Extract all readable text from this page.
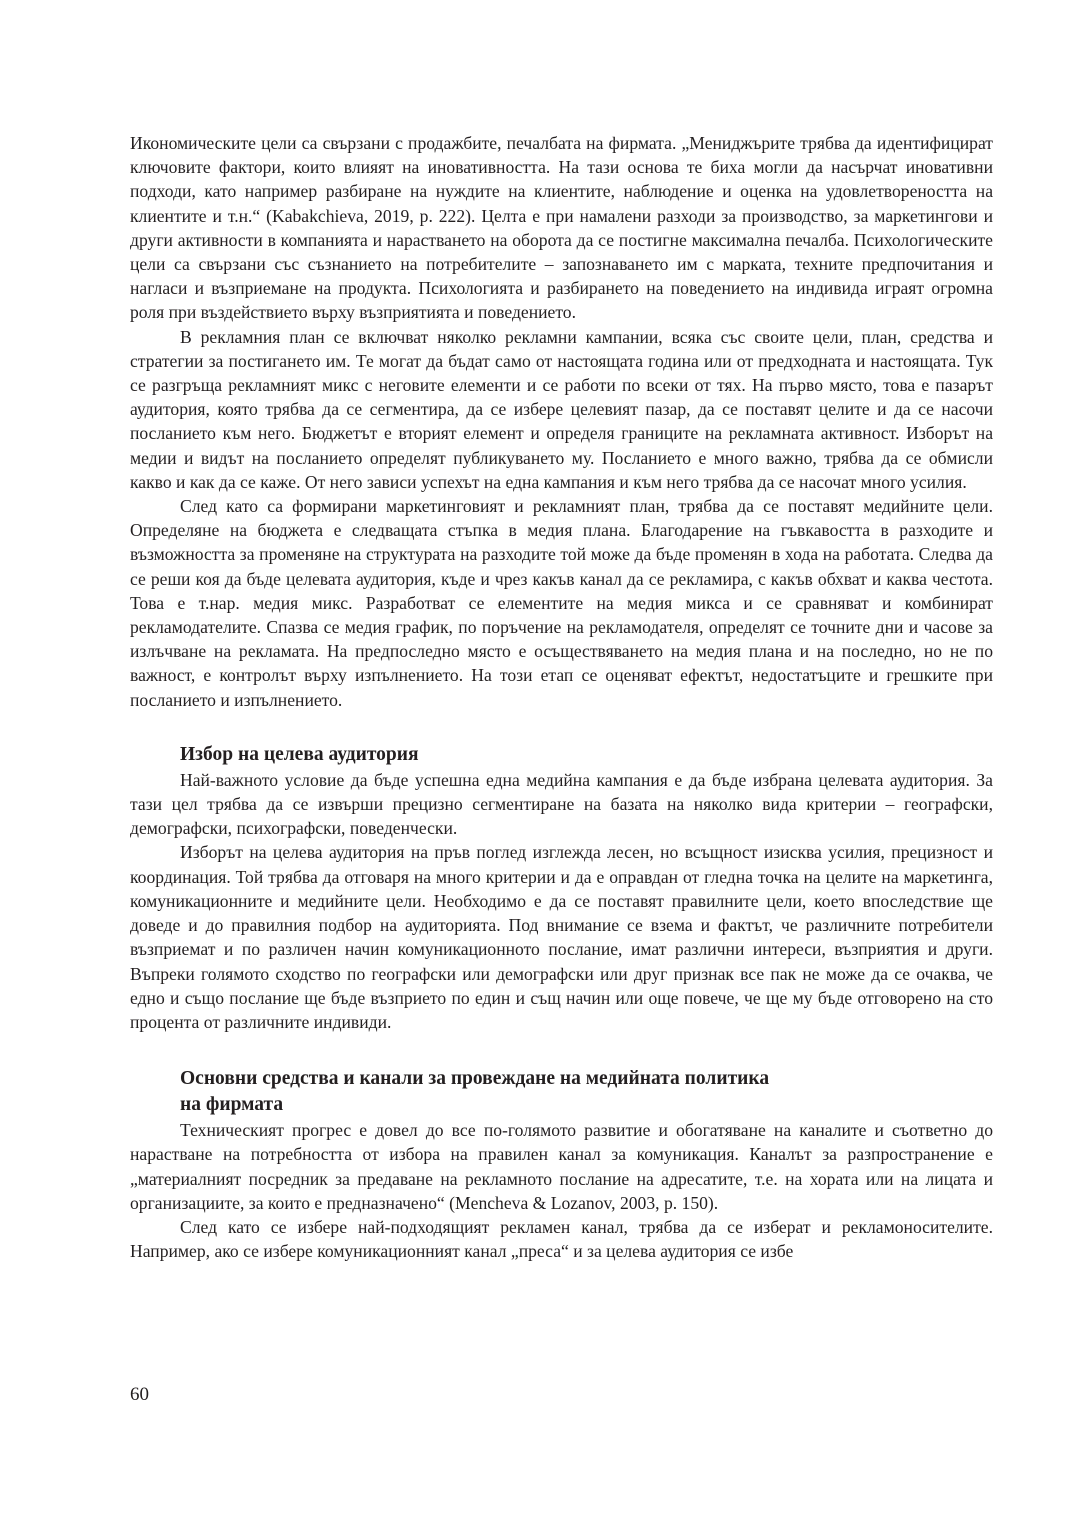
Икономическите цели са свързани с продажбите, печалбата на фирмата. „Мениджърите трябва да идентифицират ключовите фактори, които влияят на иновативността. На тази основа те биха могли да насърчат иновативни подходи, като например разбиране на нуждите на клиентите, наблюдение и оценка на удовлетвореността на клиентите и т.н.“ (Kabakchieva, 2019, p. 222). Целта е при намалени разходи за производство, за маркетингови и други активности в компанията и нарастването на оборота да се постигне максимална печалба. Психологическите цели са свързани със съзнанието на потребителите – запознаването им с марката, техните предпочитания и нагласи и възприемане на продукта. Психологията и разбирането на поведението на индивида играят огромна роля при въздействието върху възприятията и поведението.

В рекламния план се включват няколко рекламни кампании, всяка със своите цели, план, средства и стратегии за постигането им. Те могат да бъдат само от настоящата година или от предходната и настоящата. Тук се разгръща рекламният микс с неговите елементи и се работи по всеки от тях. На първо място, това е пазарът аудитория, която трябва да се сегментира, да се избере целевият пазар, да се поставят целите и да се насочи посланието към него. Бюджетът е вторият елемент и определя границите на рекламната активност. Изборът на медии и видът на посланието определят публикуването му. Посланието е много важно, трябва да се обмисли какво и как да се каже. От него зависи успехът на една кампания и към него трябва да се насочат много усилия.

След като са формирани маркетинговият и рекламният план, трябва да се поставят медийните цели. Определяне на бюджета е следващата стъпка в медия плана. Благодарение на гъвкавостта в разходите и възможността за променяне на структурата на разходите той може да бъде променян в хода на работата. Следва да се реши коя да бъде целевата аудитория, къде и чрез какъв канал да се рекламира, с какъв обхват и каква честота. Това е т.нар. медия микс. Разработват се елементите на медия микса и се сравняват и комбинират рекламодателите. Спазва се медия график, по поръчение на рекламодателя, определят се точните дни и часове за излъчване на рекламата. На предпоследно място е осъществяването на медия плана и на последно, но не по важност, е контролът върху изпълнението. На този етап се оценяват ефектът, недостатъците и грешките при посланието и изпълнението.

Избор на целева аудитория

Най-важното условие да бъде успешна една медийна кампания е да бъде избрана целевата аудитория. За тази цел трябва да се извърши прецизно сегментиране на базата на няколко вида критерии – географски, демографски, психографски, поведенчески.

Изборът на целева аудитория на пръв поглед изглежда лесен, но всъщност изисква усилия, прецизност и координация. Той трябва да отговаря на много критерии и да е оправдан от гледна точка на целите на маркетинга, комуникационните и медийните цели. Необходимо е да се поставят правилните цели, което впоследствие ще доведе и до правилния подбор на аудиторията. Под внимание се взема и фактът, че различните потребители възприемат и по различен начин комуникационното послание, имат различни интереси, възприятия и други. Въпреки голямото сходство по географски или демографски или друг признак все пак не може да се очаква, че едно и също послание ще бъде възприето по един и същ начин или още повече, че ще му бъде отговорено на сто процента от различните индивиди.

Основни средства и канали за провеждане на медийната политика
на фирмата

Техническият прогрес е довел до все по-голямото развитие и обогатяване на каналите и съответно до нарастване на потребността от избора на правилен канал за комуникация. Каналът за разпространение е „материалният посредник за предаване на рекламното послание на адресатите, т.е. на хората или на лицата и организациите, за които е предназначено“ (Mencheva & Lozanov, 2003, p. 150).

След като се избере най-подходящият рекламен канал, трябва да се изберат и рекламоносителите. Например, ако се избере комуникационният канал „преса“ и за целева аудитория се избе

60
